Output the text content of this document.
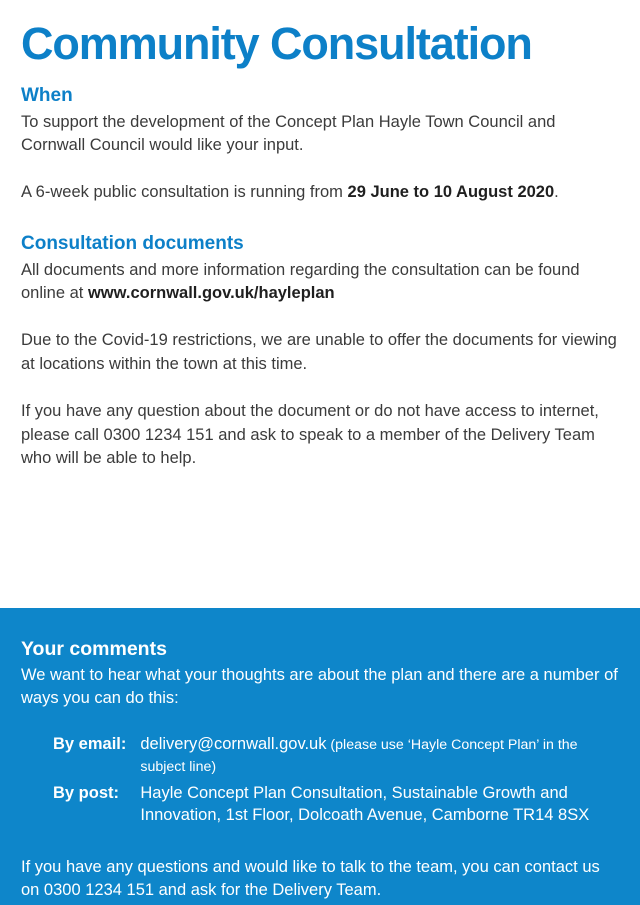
Community Consultation
When

To support the development of the Concept Plan Hayle Town Council and Cornwall Council would like your input.

A 6-week public consultation is running from 29 June to 10 August 2020.

Consultation documents

All documents and more information regarding the consultation can be found online at www.cornwall.gov.uk/hayleplan

Due to the Covid-19 restrictions, we are unable to offer the documents for viewing at locations within the town at this time.

If you have any question about the document or do not have access to internet, please call 0300 1234 151 and ask to speak to a member of the Delivery Team who will be able to help.

Your comments

We want to hear what your thoughts are about the plan and there are a number of ways you can do this:

By email:	delivery@cornwall.gov.uk (please use ‘Hayle Concept Plan’ in the subject line)
By post:	Hayle Concept Plan Consultation, Sustainable Growth and Innovation, 1st Floor, Dolcoath Avenue, Camborne TR14 8SX

If you have any questions and would like to talk to the team, you can contact us on 0300 1234 151 and ask for the Delivery Team.
